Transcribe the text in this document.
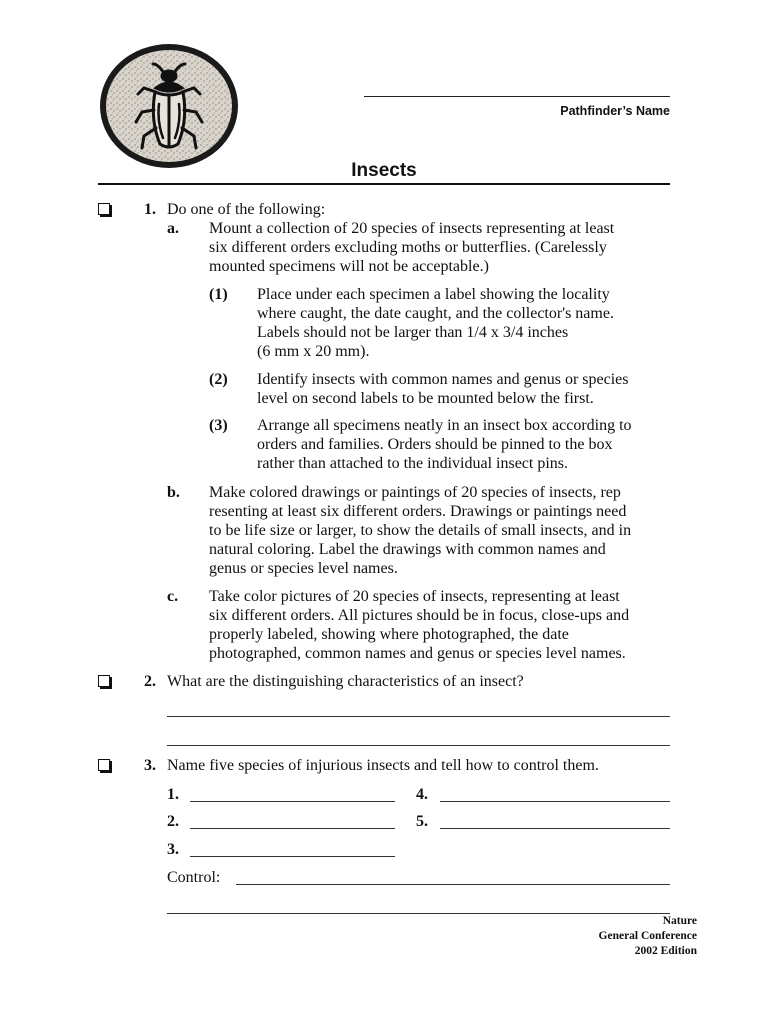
Pathfinder’s Name
Insects
1. Do one of the following:
a. Mount a collection of 20 species of insects representing at least
six different orders excluding moths or butterflies. (Carelessly
mounted specimens will not be acceptable.)
(1) Place under each specimen a label showing the locality
where caught, the date caught, and the collector's name.
Labels should not be larger than 1/4 x 3/4 inches
(6 mm x 20 mm).
(2) Identify insects with common names and genus or species
level on second labels to be mounted below the first.
(3) Arrange all specimens neatly in an insect box according to
orders and families. Orders should be pinned to the box
rather than attached to the individual insect pins.
b. Make colored drawings or paintings of 20 species of insects, rep
resenting at least six different orders. Drawings or paintings need
to be life size or larger, to show the details of small insects, and in
natural coloring. Label the drawings with common names and
genus or species level names.
c. Take color pictures of 20 species of insects, representing at least
six different orders. All pictures should be in focus, close-ups and
properly labeled, showing where photographed, the date
photographed, common names and genus or species level names.
2. What are the distinguishing characteristics of an insect?
3. Name five species of injurious insects and tell how to control them.
1.	4.
2.	5.
3.
Control:
Nature
General Conference
2002 Edition
